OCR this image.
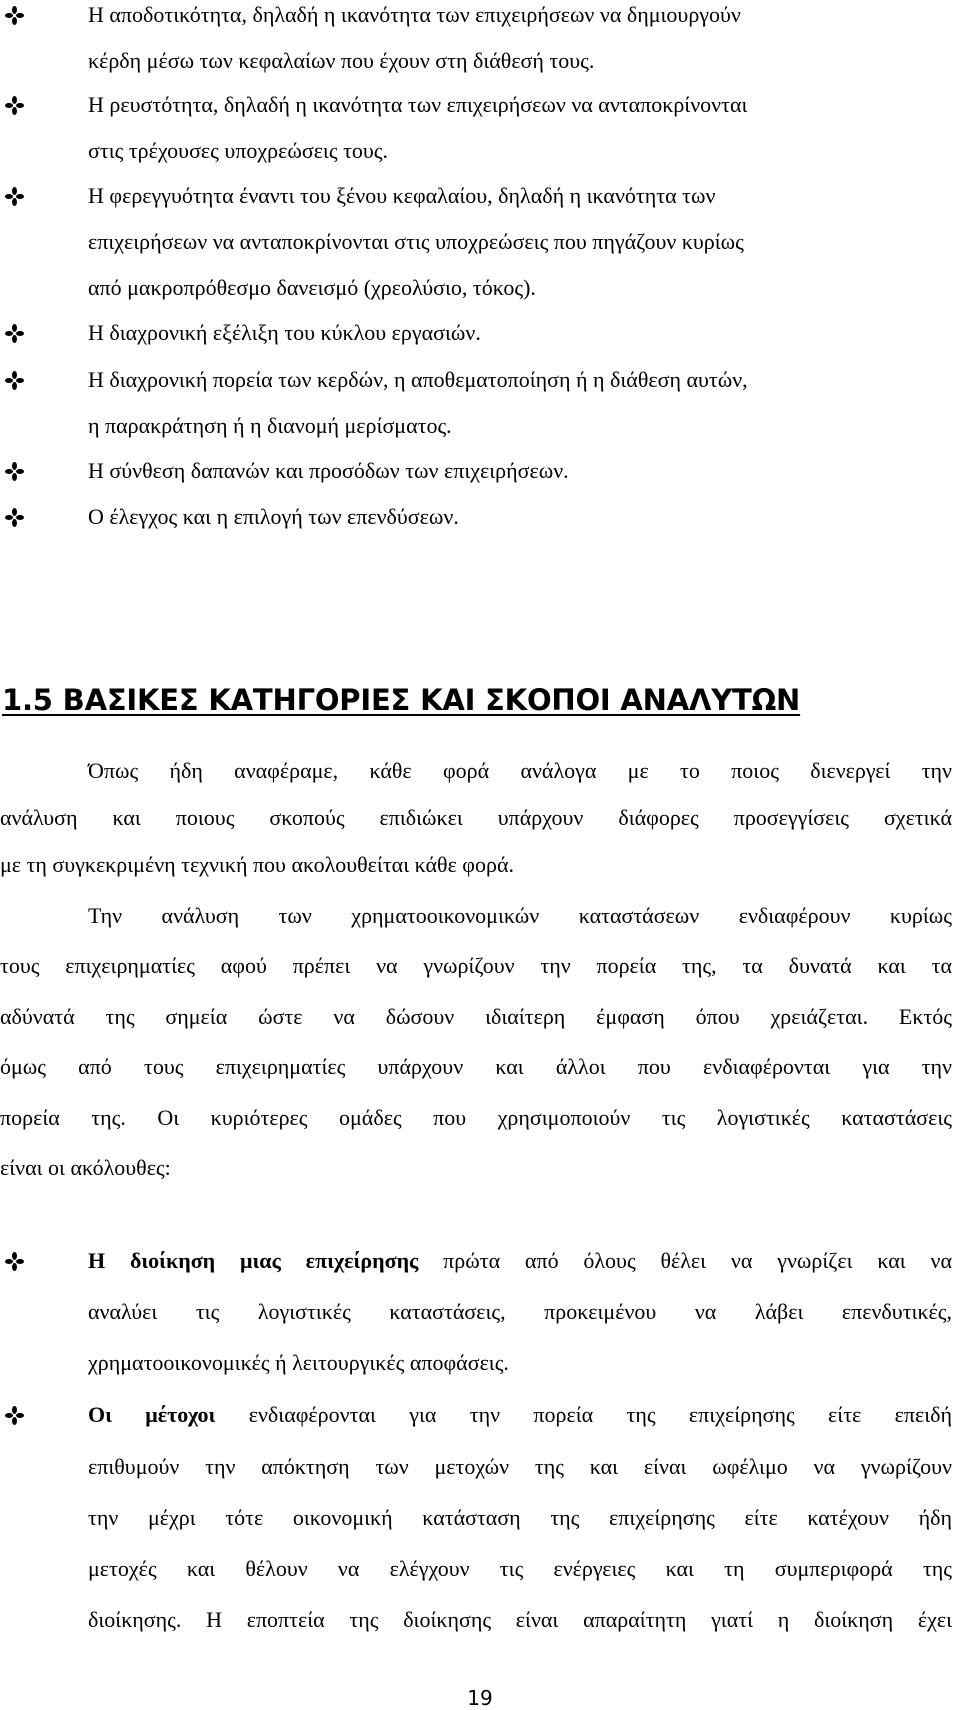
Η αποδοτικότητα, δηλαδή η ικανότητα των επιχειρήσεων να δημιουργούν
κέρδη μέσω των κεφαλαίων που έχουν στη διάθεσή τους.
Η ρευστότητα, δηλαδή η ικανότητα των επιχειρήσεων να ανταποκρίνονται
στις τρέχουσες υποχρεώσεις τους.
Η φερεγγυότητα έναντι του ξένου κεφαλαίου, δηλαδή η ικανότητα των
επιχειρήσεων να ανταποκρίνονται στις υποχρεώσεις που πηγάζουν κυρίως
από μακροπρόθεσμο δανεισμό (χρεολύσιο, τόκος).
Η διαχρονική εξέλιξη του κύκλου εργασιών.
Η διαχρονική πορεία των κερδών, η αποθεματοποίηση ή η διάθεση αυτών,
η παρακράτηση ή η διανομή μερίσματος.
Η σύνθεση δαπανών και προσόδων των επιχειρήσεων.
Ο έλεγχος και η επιλογή των επενδύσεων.
1.5 ΒΑΣΙΚΕΣ ΚΑΤΗΓΟΡΙΕΣ ΚΑΙ ΣΚΟΠΟΙ ΑΝΑΛΥΤΩΝ
Όπως ήδη αναφέραμε, κάθε φορά ανάλογα με το ποιος διενεργεί την
ανάλυση και ποιους σκοπούς επιδιώκει υπάρχουν διάφορες προσεγγίσεις σχετικά
με τη συγκεκριμένη τεχνική που ακολουθείται κάθε φορά.
Την ανάλυση των χρηματοοικονομικών καταστάσεων ενδιαφέρουν κυρίως
τους επιχειρηματίες αφού πρέπει να γνωρίζουν την πορεία της, τα δυνατά και τα
αδύνατά της σημεία ώστε να δώσουν ιδιαίτερη έμφαση όπου χρειάζεται. Εκτός
όμως από τους επιχειρηματίες υπάρχουν και άλλοι που ενδιαφέρονται για την
πορεία της. Οι κυριότερες ομάδες που χρησιμοποιούν τις λογιστικές καταστάσεις
είναι οι ακόλουθες:
Η διοίκηση μιας επιχείρησης πρώτα από όλους θέλει να γνωρίζει και να
αναλύει τις λογιστικές καταστάσεις, προκειμένου να λάβει επενδυτικές,
χρηματοοικονομικές ή λειτουργικές αποφάσεις.
Οι μέτοχοι ενδιαφέρονται για την πορεία της επιχείρησης είτε επειδή
επιθυμούν την απόκτηση των μετοχών της και είναι ωφέλιμο να γνωρίζουν
την μέχρι τότε οικονομική κατάσταση της επιχείρησης είτε κατέχουν ήδη
μετοχές και θέλουν να ελέγχουν τις ενέργειες και τη συμπεριφορά της
διοίκησης. Η εποπτεία της διοίκησης είναι απαραίτητη γιατί η διοίκηση έχει
19
